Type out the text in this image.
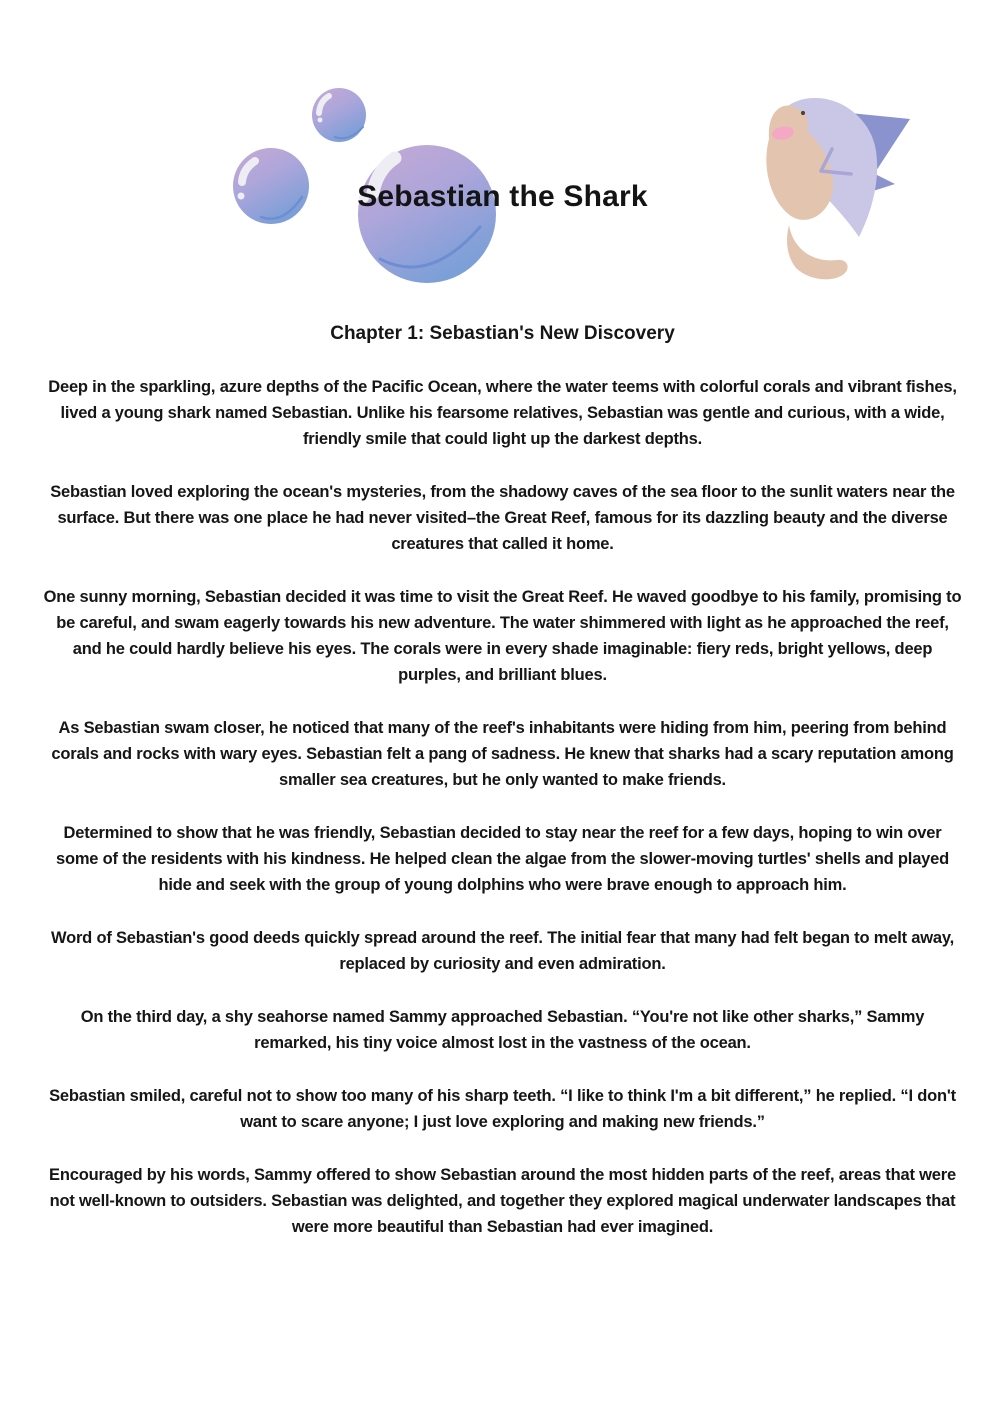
Sebastian the Shark
Chapter 1: Sebastian's New Discovery

Deep in the sparkling, azure depths of the Pacific Ocean, where the water teems with colorful corals and vibrant fishes, lived a young shark named Sebastian. Unlike his fearsome relatives, Sebastian was gentle and curious, with a wide, friendly smile that could light up the darkest depths.

Sebastian loved exploring the ocean's mysteries, from the shadowy caves of the sea floor to the sunlit waters near the surface. But there was one place he had never visited–the Great Reef, famous for its dazzling beauty and the diverse creatures that called it home.

One sunny morning, Sebastian decided it was time to visit the Great Reef. He waved goodbye to his family, promising to be careful, and swam eagerly towards his new adventure. The water shimmered with light as he approached the reef, and he could hardly believe his eyes. The corals were in every shade imaginable: fiery reds, bright yellows, deep purples, and brilliant blues.

As Sebastian swam closer, he noticed that many of the reef's inhabitants were hiding from him, peering from behind corals and rocks with wary eyes. Sebastian felt a pang of sadness. He knew that sharks had a scary reputation among smaller sea creatures, but he only wanted to make friends.

Determined to show that he was friendly, Sebastian decided to stay near the reef for a few days, hoping to win over some of the residents with his kindness. He helped clean the algae from the slower-moving turtles' shells and played hide and seek with the group of young dolphins who were brave enough to approach him.

Word of Sebastian's good deeds quickly spread around the reef. The initial fear that many had felt began to melt away, replaced by curiosity and even admiration.

On the third day, a shy seahorse named Sammy approached Sebastian. “You're not like other sharks,” Sammy remarked, his tiny voice almost lost in the vastness of the ocean.

Sebastian smiled, careful not to show too many of his sharp teeth. “I like to think I'm a bit different,” he replied. “I don't want to scare anyone; I just love exploring and making new friends.”

Encouraged by his words, Sammy offered to show Sebastian around the most hidden parts of the reef, areas that were not well-known to outsiders. Sebastian was delighted, and together they explored magical underwater landscapes that were more beautiful than Sebastian had ever imagined.
